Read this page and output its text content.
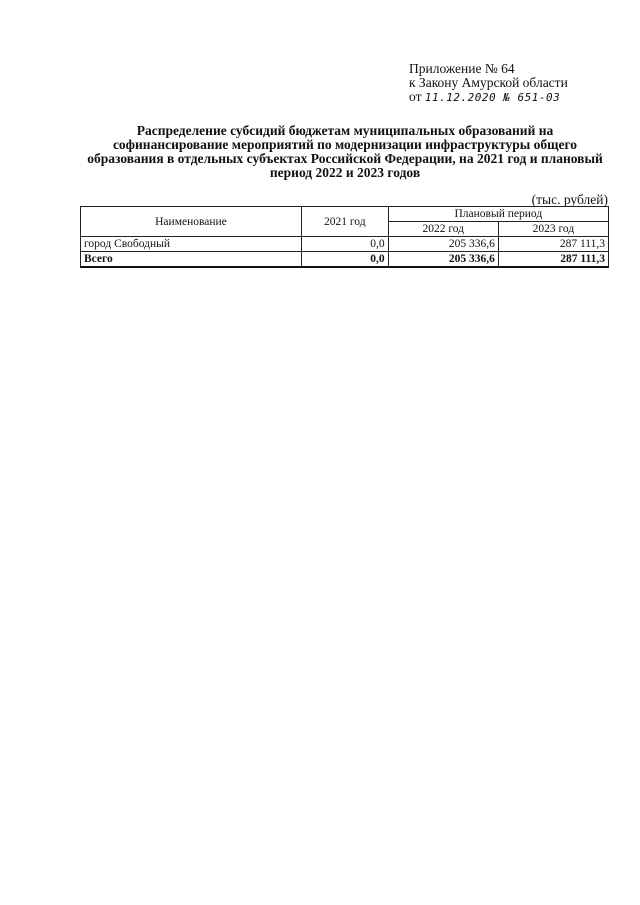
Приложение № 64
к Закону Амурской области
от 11.12.2020 № 651-03
Распределение субсидий бюджетам муниципальных образований на софинансирование мероприятий по модернизации инфраструктуры общего образования в отдельных субъектах Российской Федерации, на 2021 год и плановый период 2022 и 2023 годов
(тыс. рублей)
Наименование	2021 год	Плановый период	
		2022 год	2023 год
город Свободный	0,0	205 336,6	287 111,3
Всего	0,0	205 336,6	287 111,3
